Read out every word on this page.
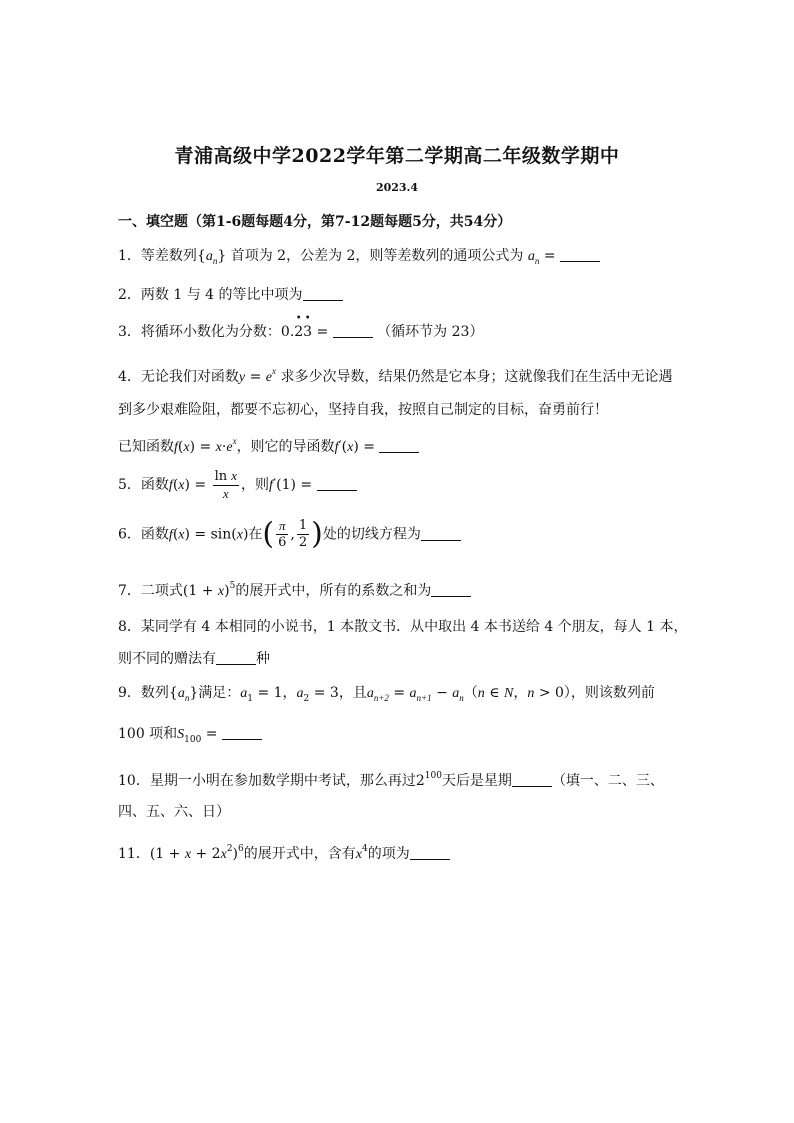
青浦高级中学2022学年第二学期高二年级数学期中
2023.4
一、填空题（第1-6题每题4分，第7-12题每题5分，共54分）
1．等差数列$\{a_n\}$ 首项为 2，公差为 2，则等差数列的通项公式为 $a_n$ =
2．两数 1 与 4 的等比中项为
3．将循环小数化为分数：0.
• •
23 =	（循环节为 23）
4．无论我们对函数$y = e^x$ 求多少次导数，结果仍然是它本身；这就像我们在生活中无论遇
到多少艰难险阻，都要不忘初心，坚持自我，按照自己制定的目标，奋勇前行！
已知函数$f(x) = x\cdot e^x$，则它的导函数f′(x) =
5．函数$f(x) = \frac{\text{ln x}}{x}$ ，则f′(1) =
6．函数f(x) = sin(x)在( $\frac{\pi}{6}$ , $\frac{1}{2}$ )处的切线方程为
7．二项式$(1 + x)^5$的展开式中，所有的系数之和为
8．某同学有 4 本相同的小说书，1 本散文书．从中取出 4 本书送给 4 个朋友，每人 1 本，
则不同的赠法有	种
9．数列$\{a_n\}$满足：$a_1 = 1$，$a_2 = 3$，且$a_{n+2} = a_{n+1} - a_n(n$ ∈ N，n > 0），则该数列前
100 项和$S_{100}$ =
10．星期一小明在参加数学期中考试，那么再过$2^{100}$天后是星期	（填一、二、三、
四、五、六、日）
11．$(1 + x + 2x^2)^6$的展开式中，含有$x^4$的项为
